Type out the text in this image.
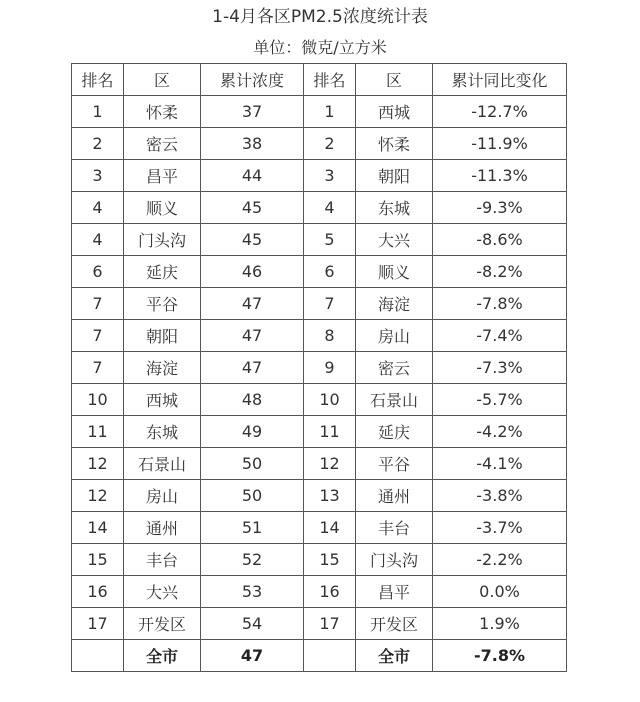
1-4月各区PM2.5浓度统计表
单位：微克/立方米
排名	区	累计浓度	排名	区	累计同比变化
1	怀柔	37	1	西城	-12.7%
2	密云	38	2	怀柔	-11.9%
3	昌平	44	3	朝阳	-11.3%
4	顺义	45	4	东城	-9.3%
4	门头沟	45	5	大兴	-8.6%
6	延庆	46	6	顺义	-8.2%
7	平谷	47	7	海淀	-7.8%
7	朝阳	47	8	房山	-7.4%
7	海淀	47	9	密云	-7.3%
10	西城	48	10	石景山	-5.7%
11	东城	49	11	延庆	-4.2%
12	石景山	50	12	平谷	-4.1%
12	房山	50	13	通州	-3.8%
14	通州	51	14	丰台	-3.7%
15	丰台	52	15	门头沟	-2.2%
16	大兴	53	16	昌平	0.0%
17	开发区	54	17	开发区	1.9%
	全市	47		全市	-7.8%
